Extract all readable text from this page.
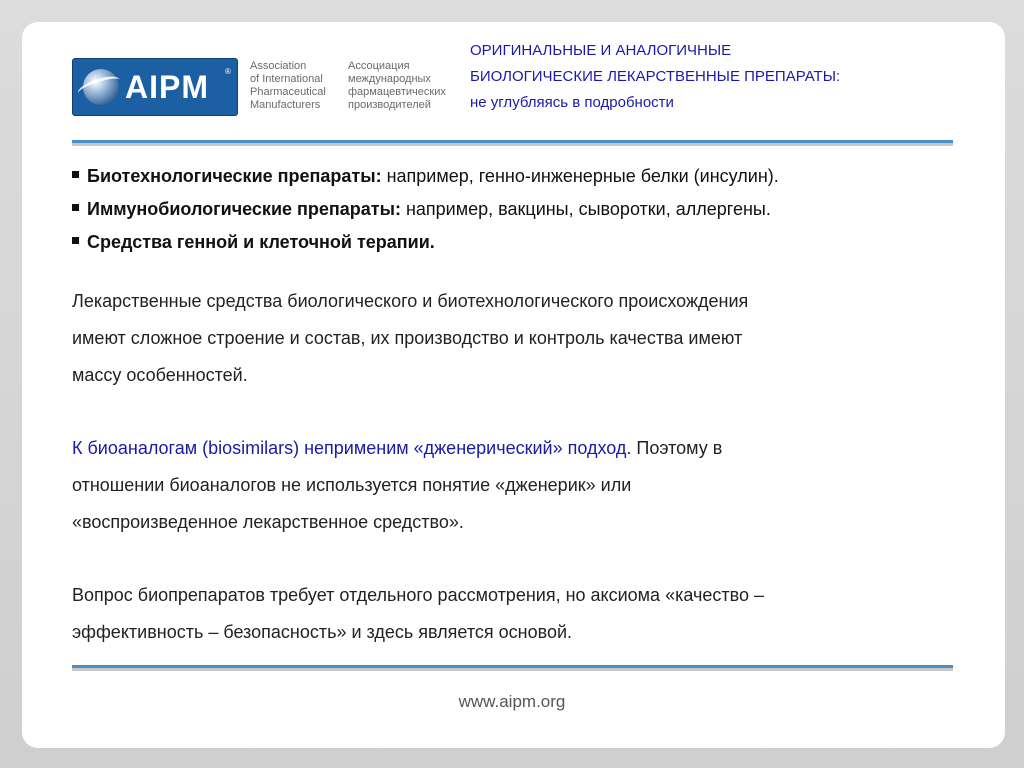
AIPM ® Association
of International
Pharmaceutical
Manufacturers
Ассоциация
международных
фармацевтических
производителей
ОРИГИНАЛЬНЫЕ И АНАЛОГИЧНЫЕ
БИОЛОГИЧЕСКИЕ ЛЕКАРСТВЕННЫЕ ПРЕПАРАТЫ:
не углубляясь в подробности
Биотехнологические препараты: например, генно-инженерные белки (инсулин).
Иммунобиологические препараты: например, вакцины, сыворотки, аллергены.
Средства генной и клеточной терапии.
Лекарственные средства биологического и биотехнологического происхождения
имеют сложное строение и состав, их производство и контроль качества имеют
массу особенностей.
К биоаналогам (biosimilars) неприменим «дженерический» подход. Поэтому в
отношении биоаналогов не используется понятие «дженерик» или
«воспроизведенное лекарственное средство».
Вопрос биопрепаратов требует отдельного рассмотрения, но аксиома «качество –
эффективность – безопасность» и здесь является основой.
www.aipm.org
